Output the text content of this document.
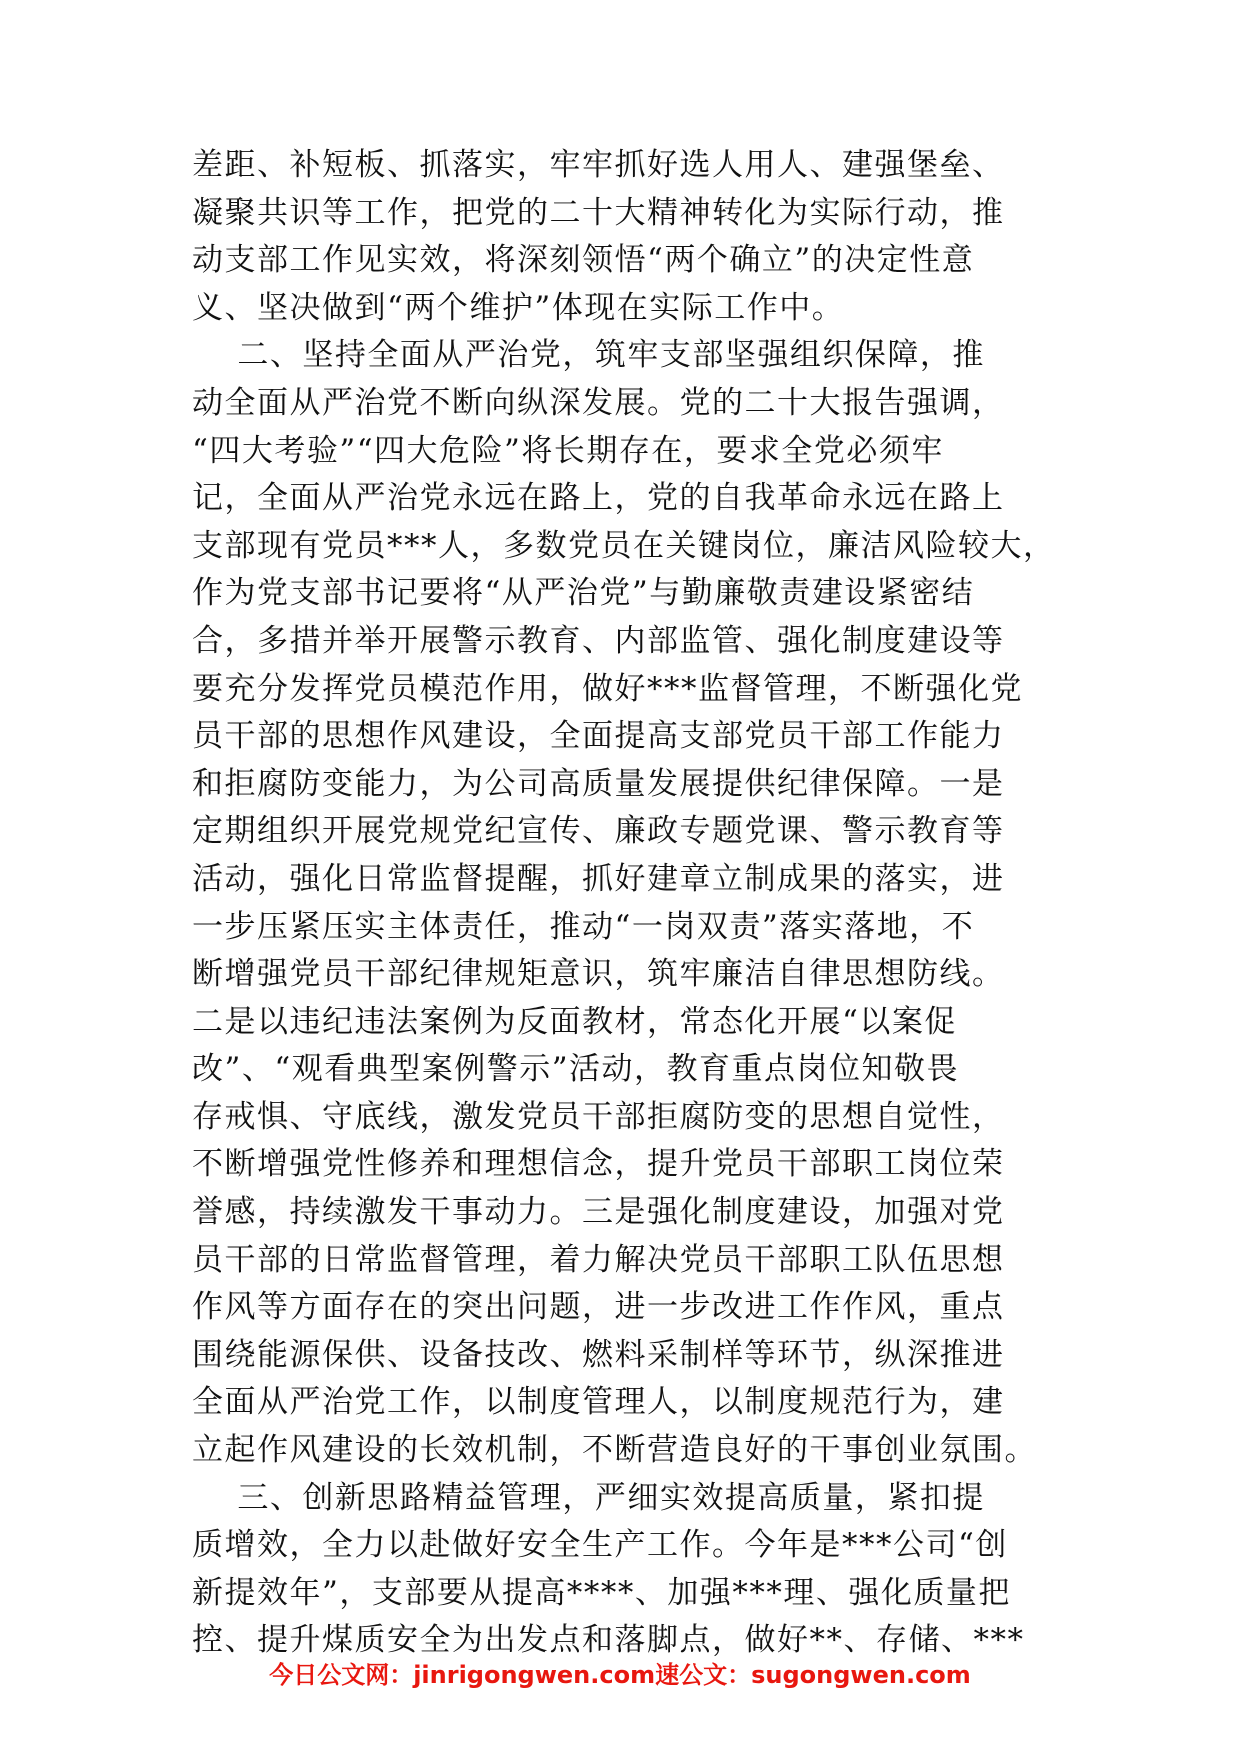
差距、补短板、抓落实，牢牢抓好选人用人、建强堡垒、
凝聚共识等工作，把党的二十大精神转化为实际行动，推
动支部工作见实效，将深刻领悟“两个确立”的决定性意
义、坚决做到“两个维护”体现在实际工作中。
二、坚持全面从严治党，筑牢支部坚强组织保障，推
动全面从严治党不断向纵深发展。党的二十大报告强调，
“四大考验”“四大危险”将长期存在，要求全党必须牢
记，全面从严治党永远在路上，党的自我革命永远在路上
支部现有党员***人，多数党员在关键岗位，廉洁风险较大，
作为党支部书记要将“从严治党”与勤廉敬责建设紧密结
合，多措并举开展警示教育、内部监管、强化制度建设等
要充分发挥党员模范作用，做好***监督管理，不断强化党
员干部的思想作风建设，全面提高支部党员干部工作能力
和拒腐防变能力，为公司高质量发展提供纪律保障。一是
定期组织开展党规党纪宣传、廉政专题党课、警示教育等
活动，强化日常监督提醒，抓好建章立制成果的落实，进
一步压紧压实主体责任，推动“一岗双责”落实落地，不
断增强党员干部纪律规矩意识，筑牢廉洁自律思想防线。
二是以违纪违法案例为反面教材，常态化开展“以案促
改”、“观看典型案例警示”活动，教育重点岗位知敬畏
存戒惧、守底线，激发党员干部拒腐防变的思想自觉性，
不断增强党性修养和理想信念，提升党员干部职工岗位荣
誉感，持续激发干事动力。三是强化制度建设，加强对党
员干部的日常监督管理，着力解决党员干部职工队伍思想
作风等方面存在的突出问题，进一步改进工作作风，重点
围绕能源保供、设备技改、燃料采制样等环节，纵深推进
全面从严治党工作，以制度管理人，以制度规范行为，建
立起作风建设的长效机制，不断营造良好的干事创业氛围。
三、创新思路精益管理，严细实效提高质量，紧扣提
质增效，全力以赴做好安全生产工作。今年是***公司“创
新提效年”，支部要从提高****、加强***理、强化质量把
控、提升煤质安全为出发点和落脚点，做好**、存储、***
今日公文网：jinrigongwen.com速公文：sugongwen.com
